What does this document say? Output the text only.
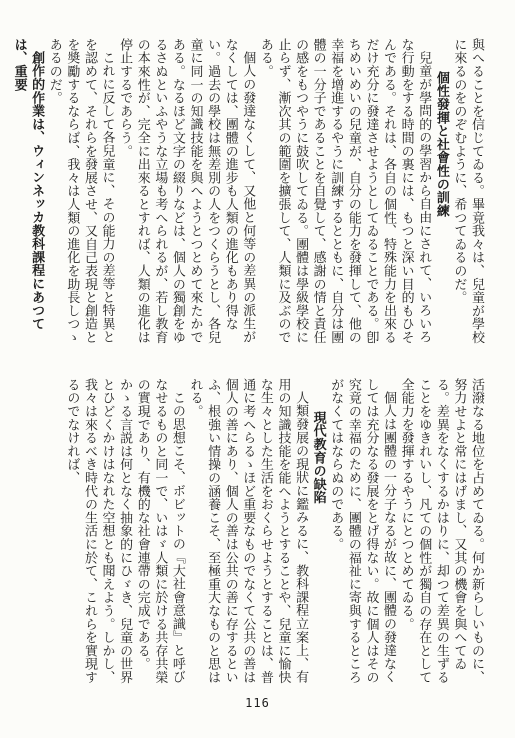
與へることを信じてゐる。畢竟我々は、兒童が學校に來るのをのぞむように、希つてゐるのだ。

個性發揮と社會性の訓練

兒童が學問的の學習から自由にされて、いろいろな行動をする時間の裏には、もつと深い目的もひそんである。それは、各自の個性、特殊能力を出來るだけ充分に發達させようとしてゐることである。卽ちめいめいの兒童が、自分の能力を發揮して、他の幸福を增進するやうに訓練するとともに、自分は團體の一分子であることを自覺して、感謝の情と責任の感をもつやうに鼓吹してゐる。團體は學級學校に止らず、漸次其の範圍を擴張して、人類に及ぶのである。

個人の發達なくして、又他と何等の差異の派生がなくしては、團體の進步も人類の進化もあり得ない。過去の學校は無差別の人をつくらうとし、各兒童に同一の知識技能を與へようとつとめて來たかである。なるほど文字の綴りなどは、個人の獨創をゆるさぬといふやうな立場も考へられるが、若し教育の本來性が、完全に出來るとすれば、人類の進化は停止するであらう。

これに反して各兒童に、その能力の差等と特異とを認めて、それらを發展させ、又自己表現と創造とを奬勵するならば、我々は人類の進化を助長しつゝあるのだ。

創作的作業は、ウィンネッカ教科課程にあつては、重要

活潑なる地位を占めてゐる。何か新らしいものに、努力せよと常にはげまし、又其の機會を與へてゐる。差異をなくするかはりに、却つて差異の生ずることをゆきれいし、凡ての個性が獨自の存在として全能力を發揮するやうにとつとめてゐる。

個人は團體の一分子なるが故に、團體の發達なくしては充分なる發展をとげ得ない。故に個人はその究竟の幸福のために、團體の福祉に寄與するところがなくてはならぬのである。

現代教育の缺陷

人類發展の現狀に鑑みるに、教科課程立案上、有用の知識技能を能へようとすることや、兒童に愉快な生々とした生活をおくらせようとすることは、普通に考へらるゝほど重要なものでなくて公共の善は個人の善にあり、個人の善は公共の善に存するといふ、根強い情操の涵養こそ、至極重大なものと思はれる。

この思想こそ、ボビットの『大社會意識』と呼びなせるものと同一で、いはゞ人類に於ける共存共榮の實現であり、有機的な社會連帶の完成である。

かゝる言説は何となく抽象的にひゞき、兒童の世界とひどくかけはなれた空想とも聞えよう。しかし、我々は來るべき時代の生活に於て、これらを實現するのでなければ、

116
